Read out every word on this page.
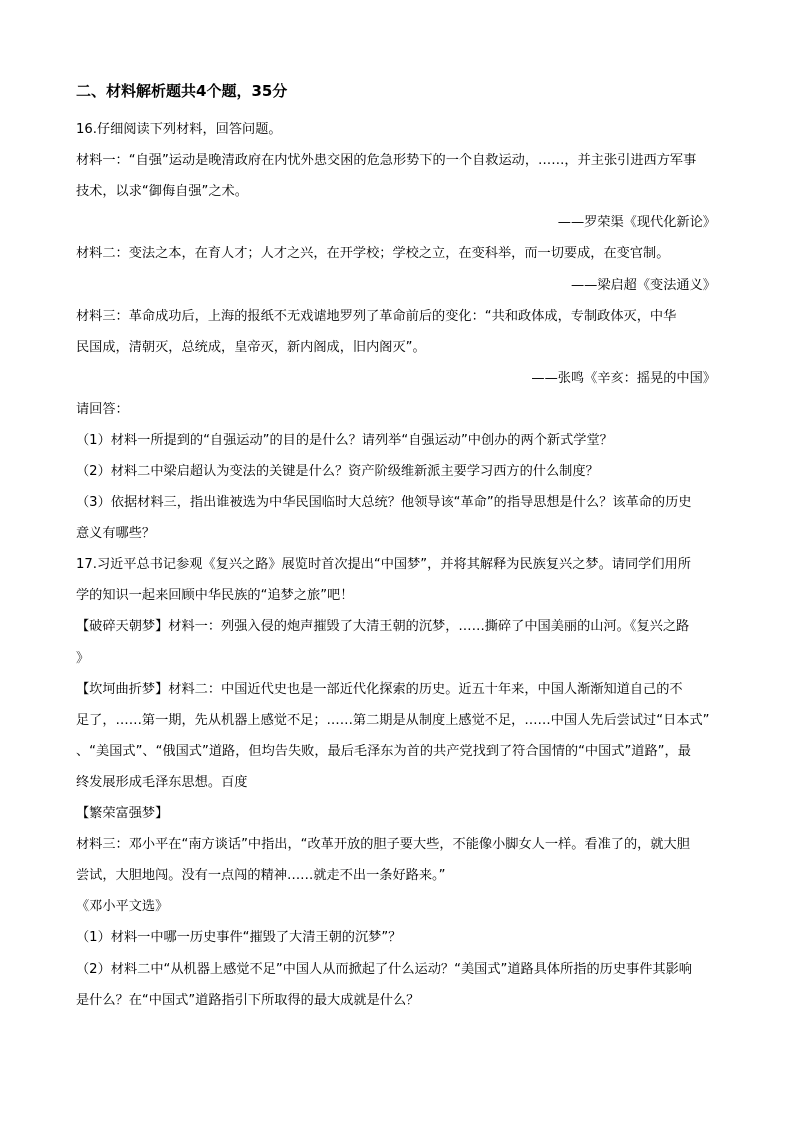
二、材料解析题共4个题，35分
16.仔细阅读下列材料，回答问题。
材料一：“自强”运动是晚清政府在内忧外患交困的危急形势下的一个自救运动，……，并主张引进西方军事
技术，以求“御侮自强”之术。
——罗荣渠《现代化新论》
材料二：变法之本，在育人才；人才之兴，在开学校；学校之立，在变科举，而一切要成，在变官制。
——梁启超《变法通义》
材料三：革命成功后，上海的报纸不无戏谑地罗列了革命前后的变化：“共和政体成，专制政体灭，中华
民国成，清朝灭，总统成，皇帝灭，新内阁成，旧内阁灭”。
——张鸣《辛亥：摇晃的中国》
请回答：
（1）材料一所提到的“自强运动”的目的是什么？请列举“自强运动”中创办的两个新式学堂？
（2）材料二中梁启超认为变法的关键是什么？资产阶级维新派主要学习西方的什么制度？
（3）依据材料三，指出谁被选为中华民国临时大总统？他领导该“革命”的指导思想是什么？该革命的历史
意义有哪些？
17.习近平总书记参观《复兴之路》展览时首次提出“中国梦”，并将其解释为民族复兴之梦。请同学们用所
学的知识一起来回顾中华民族的“追梦之旅”吧！
【破碎天朝梦】材料一：列强入侵的炮声摧毁了大清王朝的沉梦，……撕碎了中国美丽的山河。《复兴之路
》
【坎坷曲折梦】材料二：中国近代史也是一部近代化探索的历史。近五十年来，中国人渐渐知道自己的不
足了，……第一期，先从机器上感觉不足；……第二期是从制度上感觉不足，……中国人先后尝试过“日本式”
、“美国式”、“俄国式”道路，但均告失败，最后毛泽东为首的共产党找到了符合国情的“中国式”道路”，最
终发展形成毛泽东思想。百度
【繁荣富强梦】
材料三：邓小平在“南方谈话”中指出，“改革开放的胆子要大些，不能像小脚女人一样。看准了的，就大胆
尝试，大胆地闯。没有一点闯的精神……就走不出一条好路来。”
《邓小平文选》
（1）材料一中哪一历史事件“摧毁了大清王朝的沉梦”？
（2）材料二中“从机器上感觉不足”中国人从而掀起了什么运动？“美国式”道路具体所指的历史事件其影响
是什么？在“中国式”道路指引下所取得的最大成就是什么？
